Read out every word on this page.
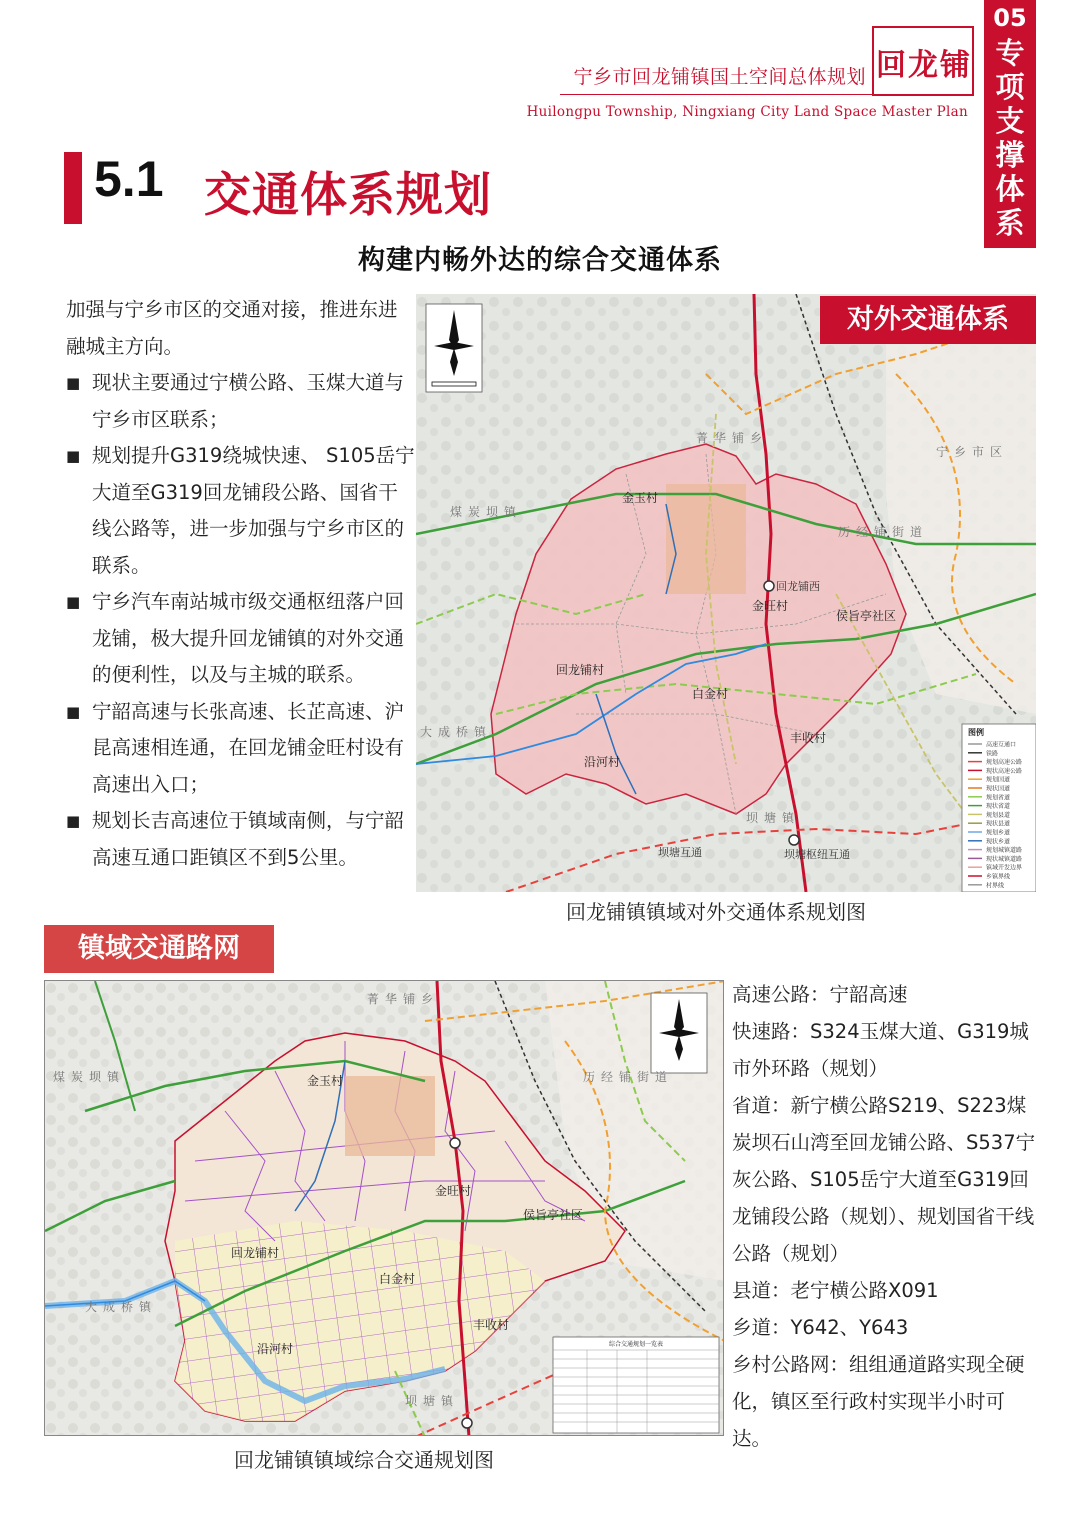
宁乡市回龙铺镇国土空间总体规划
Huilongpu Township, Ningxiang City Land Space Master Plan
回龙铺
05
专
项
支
撑
体
系
5.1 交通体系规划
构建内畅外达的综合交通体系

加强与宁乡市区的交通对接，推进东进融城主方向。

■ 现状主要通过宁横公路、玉煤大道与宁乡市区联系；

■ 规划提升G319绕城快速、 S105岳宁大道至G319回龙铺段公路、国省干线公路等，进一步加强与宁乡市区的联系。

■ 宁乡汽车南站城市级交通枢纽落户回龙铺，极大提升回龙铺镇的对外交通的便利性，以及与主城的联系。

■ 宁韶高速与长张高速、长芷高速、沪昆高速相连通，在回龙铺金旺村设有高速出入口；

■ 规划长吉高速位于镇域南侧，与宁韶高速互通口距镇区不到5公里。

金玉村
金旺村
侯旨亭社区
回龙铺村
白金村
沿河村
丰收村
菁华铺乡
煤炭坝镇
大成桥镇
坝塘镇
宁乡市区
历经铺街道
回龙铺西
坝塘互通	坝塘枢纽互通
图例
高速互通口
铁路
规划高速公路
现状高速公路
规划国道
现状国道
规划省道
现状省道
规划县道
现状县道
规划乡道
现状乡道
规划城镇道路
现状城镇道路
镇域开发边界
乡镇界线
村界线
对外交通体系
回龙铺镇镇域对外交通体系规划图
镇域交通路网
综合交通规划一览表
金玉村
金旺村
侯旨亭社区
回龙铺村
白金村
沿河村
丰收村
菁华铺乡
煤炭坝镇
大成桥镇
坝塘镇
历经铺街道
回龙铺镇镇域综合交通规划图

高速公路：宁韶高速

快速路：S324玉煤大道、G319城市外环路（规划）

省道：新宁横公路S219、S223煤炭坝石山湾至回龙铺公路、S537宁灰公路、S105岳宁大道至G319回龙铺段公路（规划）、规划国省干线公路（规划）

县道：老宁横公路X091

乡道：Y642、Y643

乡村公路网：组组通道路实现全硬化，镇区至行政村实现半小时可达。
